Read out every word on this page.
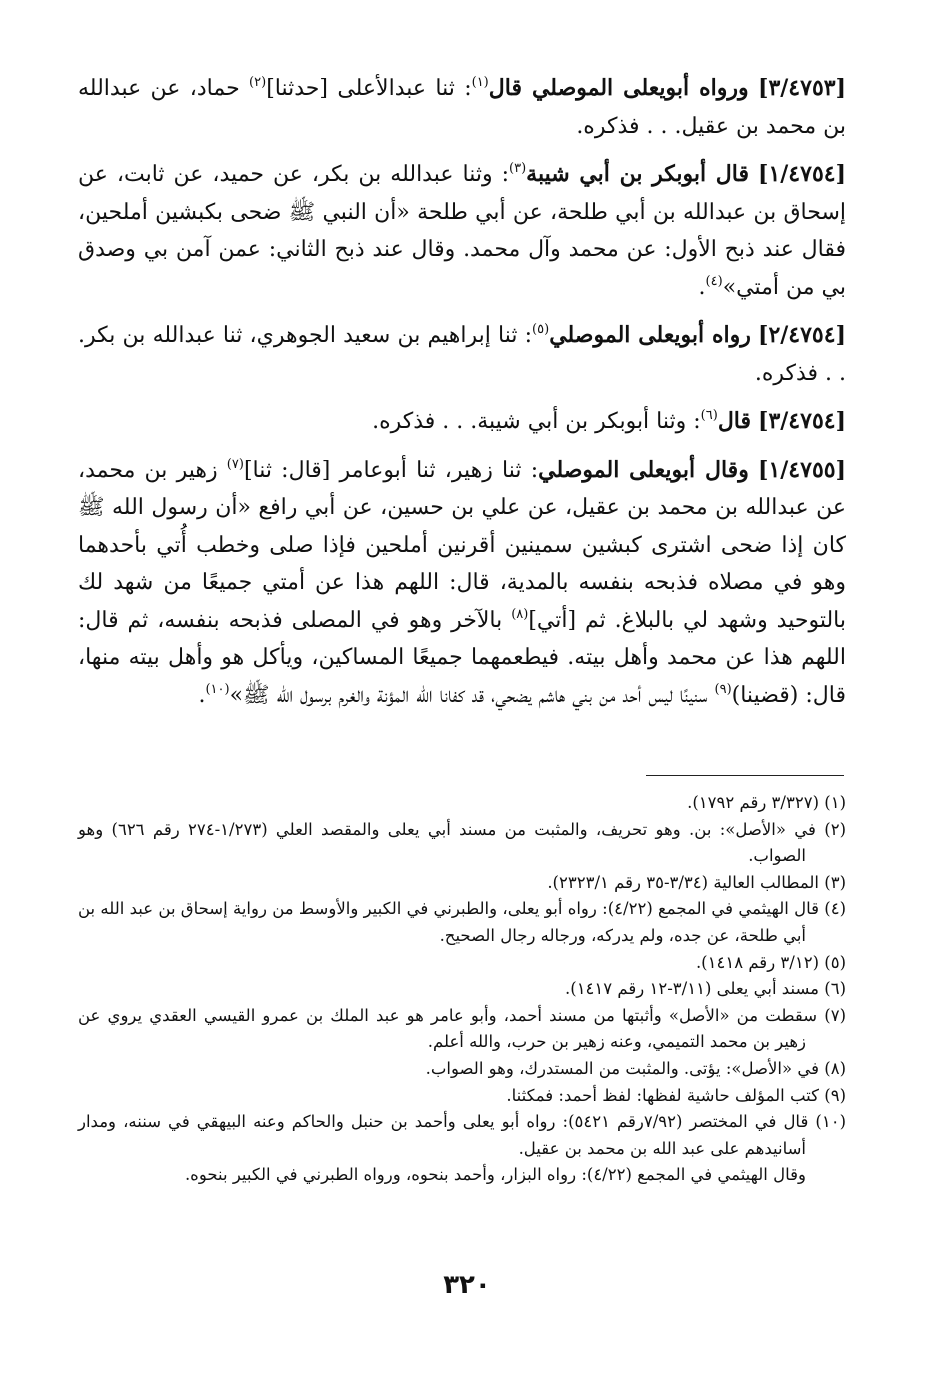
[٣/٤٧٥٣] ورواه أبويعلى الموصلي قال$^{(١)}$: ثنا عبدالأعلى [حدثنا]$^{(٢)}$ حماد، عن عبدالله بن محمد بن عقيل. . . فذكره.

[١/٤٧٥٤] قال أبوبكر بن أبي شيبة$^{(٣)}$: وثنا عبدالله بن بكر، عن حميد، عن ثابت، عن إسحاق بن عبدالله بن أبي طلحة، عن أبي طلحة «أن النبي ﷺ ضحى بكبشين أملحين، فقال عند ذبح الأول: عن محمد وآل محمد. وقال عند ذبح الثاني: عمن آمن بي وصدق بي من أمتي»$^{(٤)}$.

[٢/٤٧٥٤] رواه أبويعلى الموصلي$^{(٥)}$: ثنا إبراهيم بن سعيد الجوهري، ثنا عبدالله بن بكر. . . فذكره.

[٣/٤٧٥٤] قال$^{(٦)}$: وثنا أبوبكر بن أبي شيبة. . . فذكره.

[١/٤٧٥٥] وقال أبويعلى الموصلي: ثنا زهير، ثنا أبوعامر [قال: ثنا]$^{(٧)}$ زهير بن محمد، عن عبدالله بن محمد بن عقيل، عن علي بن حسين، عن أبي رافع «أن رسول الله ﷺ كان إذا ضحى اشترى كبشين سمينين أقرنين أملحين فإذا صلى وخطب أُتي بأحدهما وهو في مصلاه فذبحه بنفسه بالمدية، قال: اللهم هذا عن أمتي جميعًا من شهد لك بالتوحيد وشهد لي بالبلاغ. ثم [أتي]$^{(٨)}$ بالآخر وهو في المصلى فذبحه بنفسه، ثم قال: اللهم هذا عن محمد وأهل بيته. فيطعمهما جميعًا المساكين، ويأكل هو وأهل بيته منها، قال: (قضينا)$^{(٩)}$ سنينًا ليس أحد من بني هاشم يضحي، قد كفانا الله المؤنة والغرم برسول الله ﷺ»$^{(١٠)}$.

(١) (٣/٣٢٧ رقم ١٧٩٢).

(٢) في «الأصل»: بن. وهو تحريف، والمثبت من مسند أبي يعلى والمقصد العلي (١/٢٧٣-٢٧٤ رقم ٦٢٦) وهو الصواب.

(٣) المطالب العالية (٣/٣٤-٣٥ رقم ٢٣٢٣/١).

(٤) قال الهيثمي في المجمع (٤/٢٢): رواه أبو يعلى، والطبرني في الكبير والأوسط من رواية إسحاق بن عبد الله بن أبي طلحة، عن جده، ولم يدركه، ورجاله رجال الصحيح.

(٥) (٣/١٢ رقم ١٤١٨).

(٦) مسند أبي يعلى (٣/١١-١٢ رقم ١٤١٧).

(٧) سقطت من «الأصل» وأثبتها من مسند أحمد، وأبو عامر هو عبد الملك بن عمرو القيسي العقدي يروي عن زهير بن محمد التميمي، وعنه زهير بن حرب، والله أعلم.

(٨) في «الأصل»: يؤتى. والمثبت من المستدرك، وهو الصواب.

(٩) كتب المؤلف حاشية لفظها: لفظ أحمد: فمكثنا.

(١٠) قال في المختصر (٧/٩٢رقم ٥٤٢١): رواه أبو يعلى وأحمد بن حنبل والحاكم وعنه البيهقي في سننه، ومدار أسانيدهم على عبد الله بن محمد بن عقيل.

وقال الهيثمي في المجمع (٤/٢٢): رواه البزار، وأحمد بنحوه، ورواه الطبرني في الكبير بنحوه.

٣٢٠
